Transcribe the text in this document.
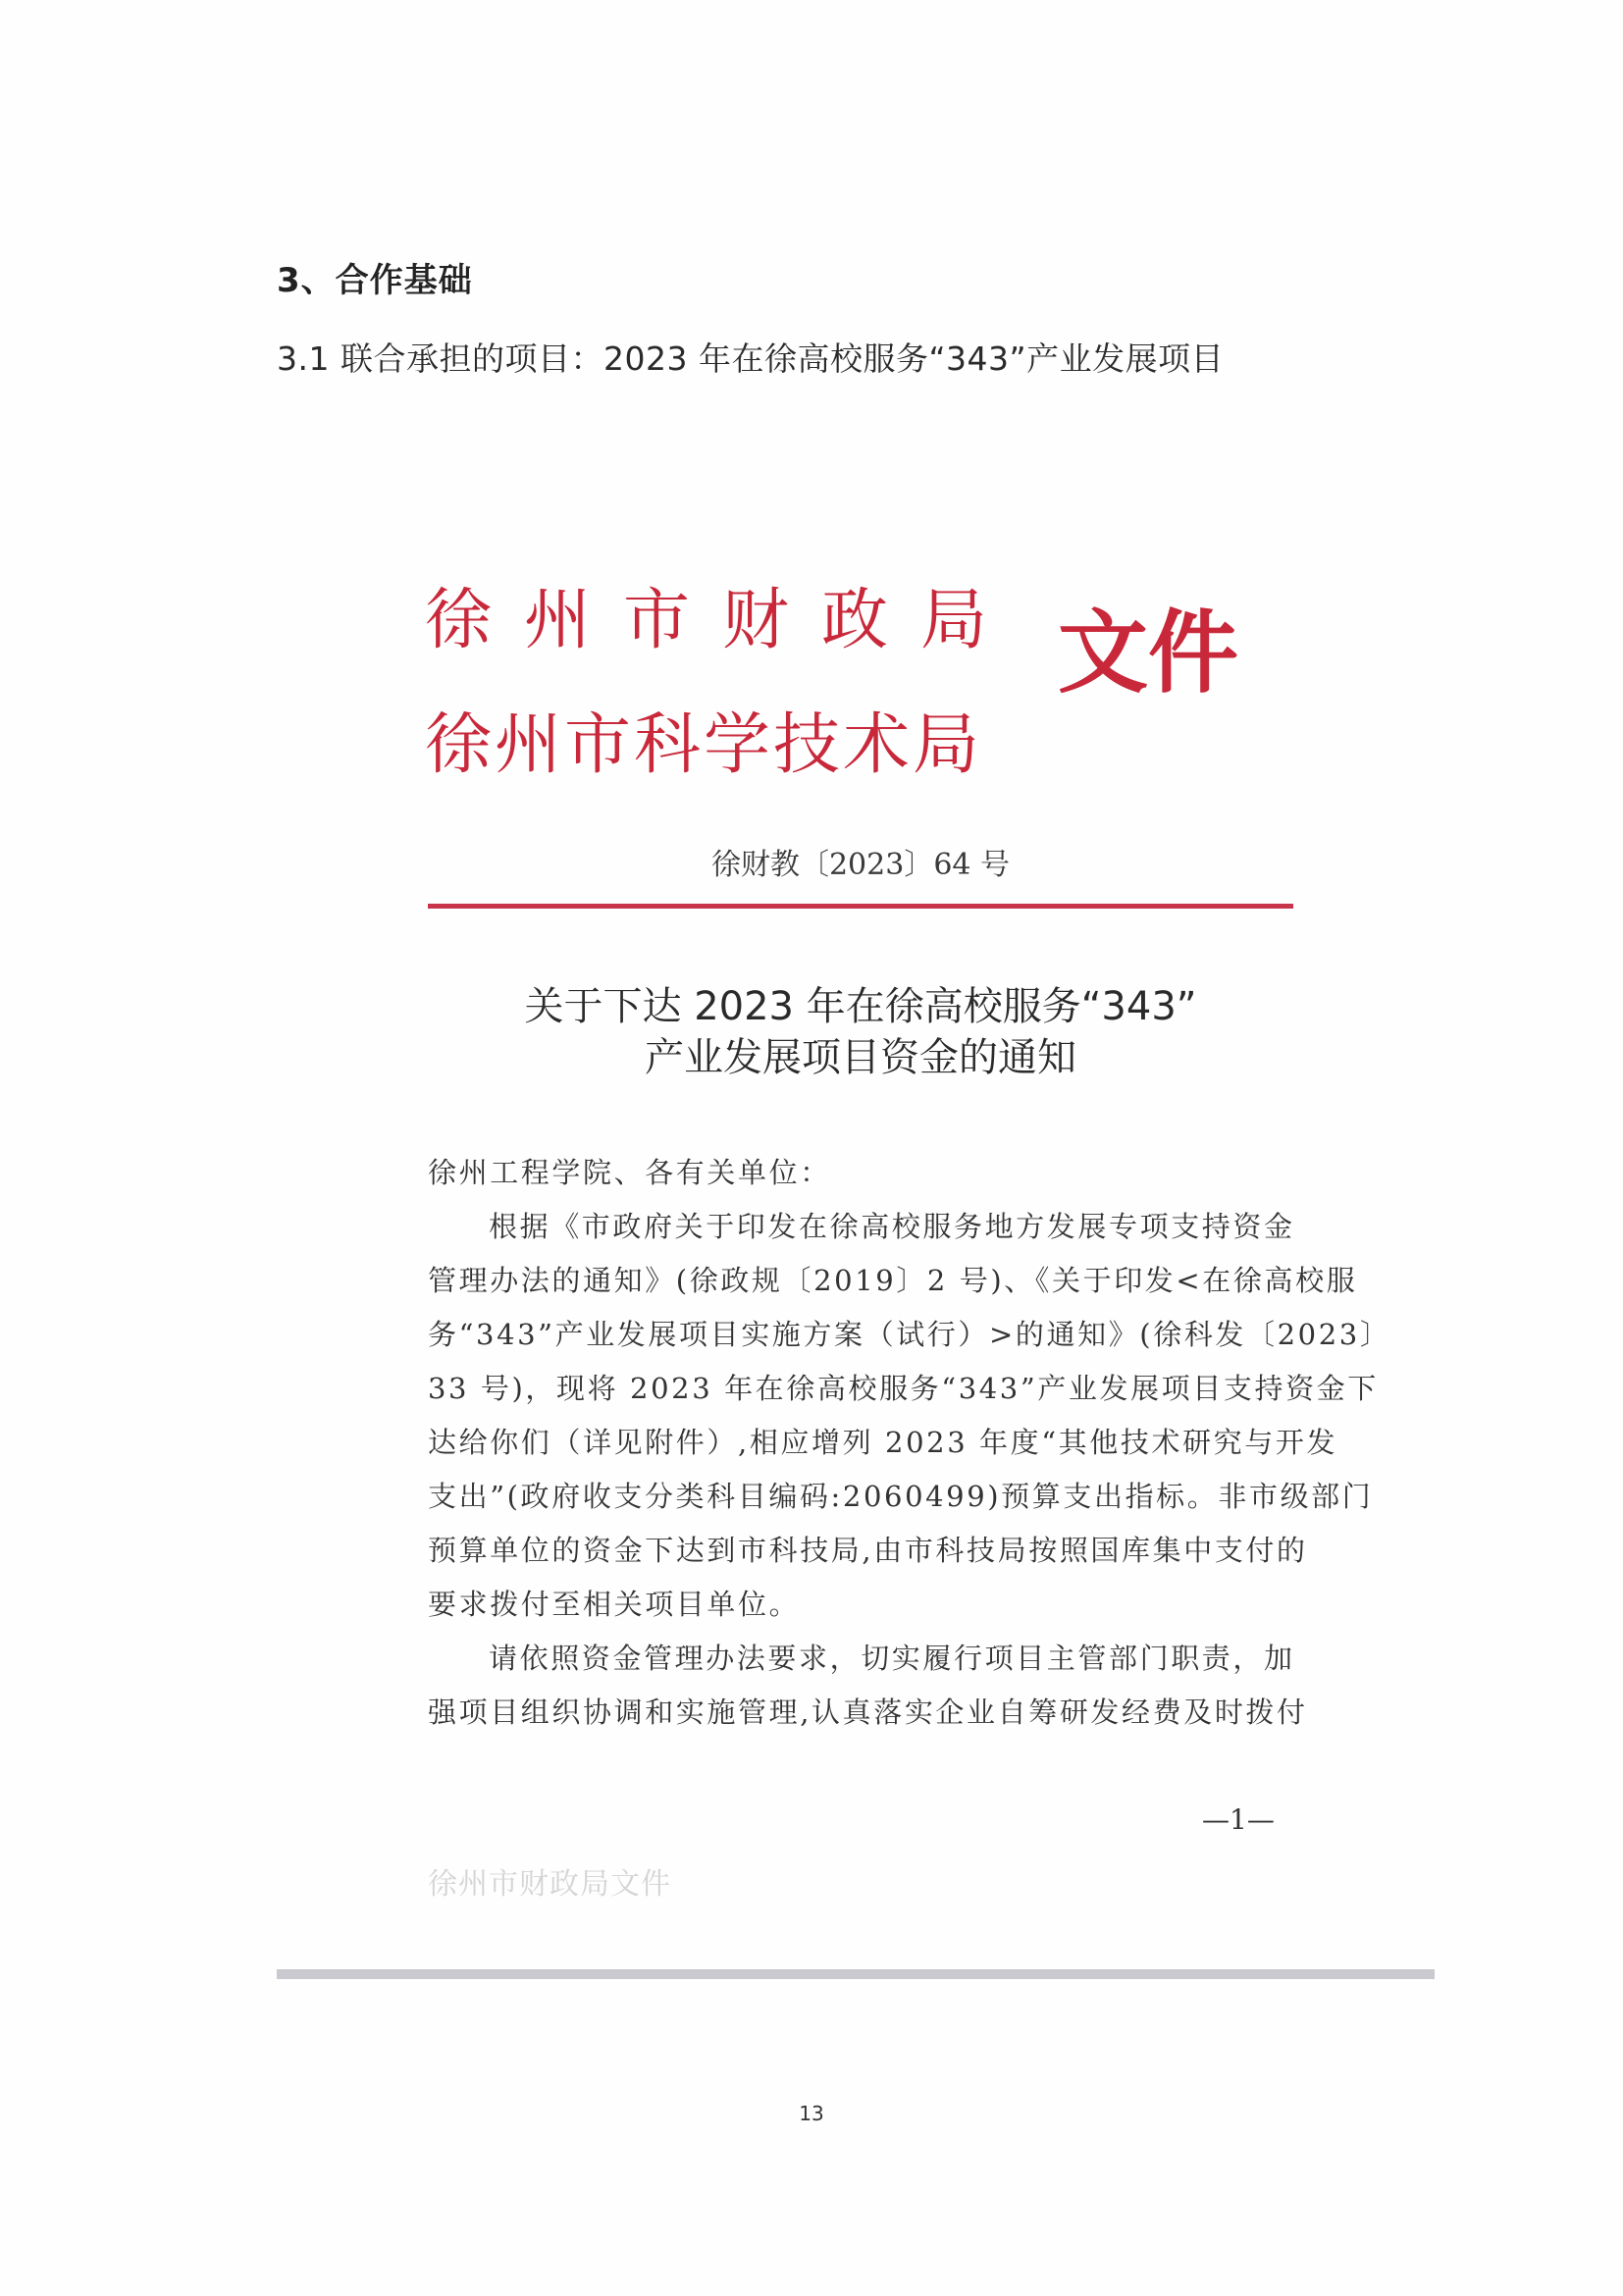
3、合作基础
3.1 联合承担的项目：2023 年在徐高校服务“343”产业发展项目
徐州市财政局
徐州市科学技术局
文件
徐财教〔2023〕64 号
关于下达 2023 年在徐高校服务“343”
产业发展项目资金的通知
徐州工程学院、各有关单位：
根据《市政府关于印发在徐高校服务地方发展专项支持资金
管理办法的通知》(徐政规〔2019〕2 号)、《关于印发<在徐高校服
务“343”产业发展项目实施方案（试行）>的通知》(徐科发〔2023〕
33 号)，现将 2023 年在徐高校服务“343”产业发展项目支持资金下
达给你们（详见附件）,相应增列 2023 年度“其他技术研究与开发
支出”(政府收支分类科目编码:2060499)预算支出指标。非市级部门
预算单位的资金下达到市科技局,由市科技局按照国库集中支付的
要求拨付至相关项目单位。
请依照资金管理办法要求，切实履行项目主管部门职责，加
强项目组织协调和实施管理,认真落实企业自筹研发经费及时拨付
—1—
徐州市财政局文件
13
